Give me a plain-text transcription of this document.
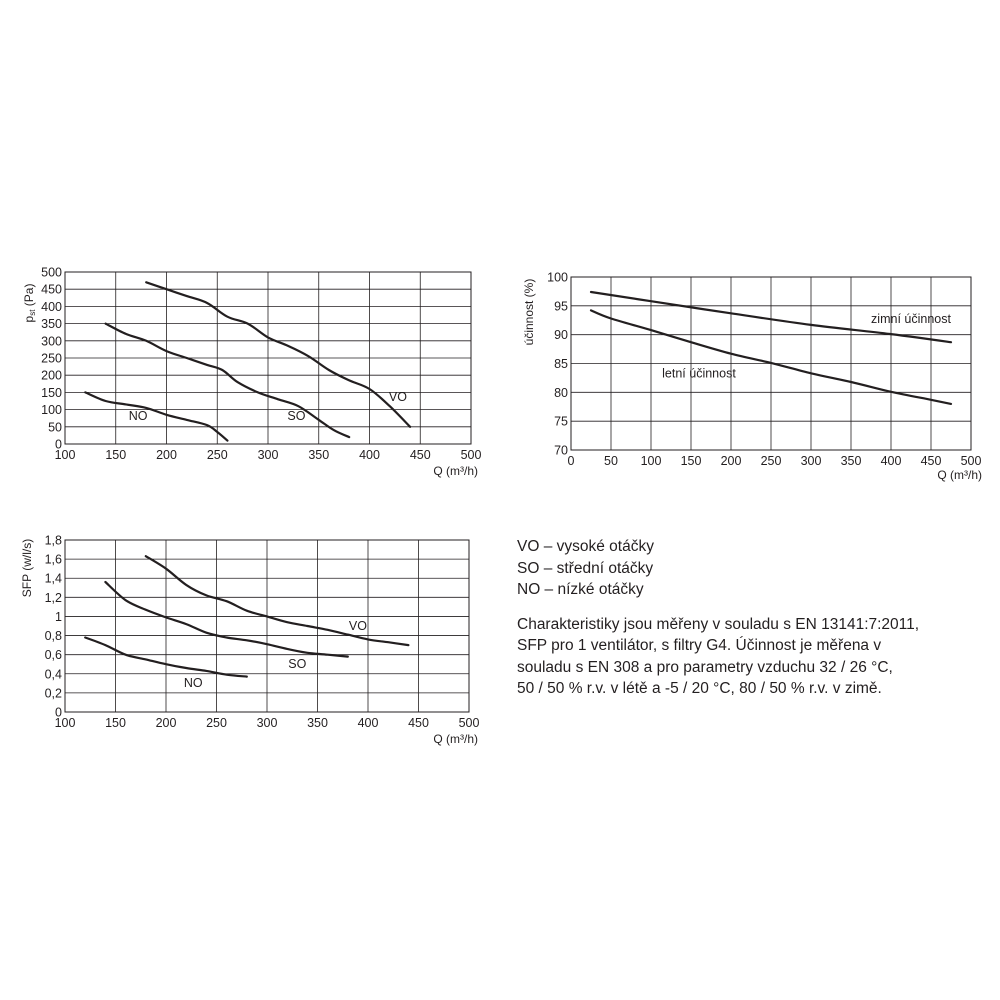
100 150 200 250 300 350 400 450 500
0
50
100
150
200
250
300
350
400
450
500
VO
SO
NO
Q (m³/h)
pst (Pa)
0 50 100 150 200 250 300 350 400 450 500
70
75
80
85
90
95
100
zimní účinnost
letní účinnost
Q (m³/h)
účinnost (%)
100 150 200 250 300 350 400 450 500
0
0,2
0,4
0,6
0,8
1
1,2
1,4
1,6
1,8
VO
SO
NO
Q (m³/h)
SFP (w/l/s)	VO – vysoké otáčky
SO – střední otáčky
NO – nízké otáčky
Charakteristiky jsou měřeny v souladu s EN 13141:7:2011,
SFP pro 1 ventilátor, s filtry G4. Účinnost je měřena v
souladu s EN 308 a pro parametry vzduchu 32 / 26 °C,
50 / 50 % r.v. v létě a -5 / 20 °C, 80 / 50 % r.v. v zimě.
